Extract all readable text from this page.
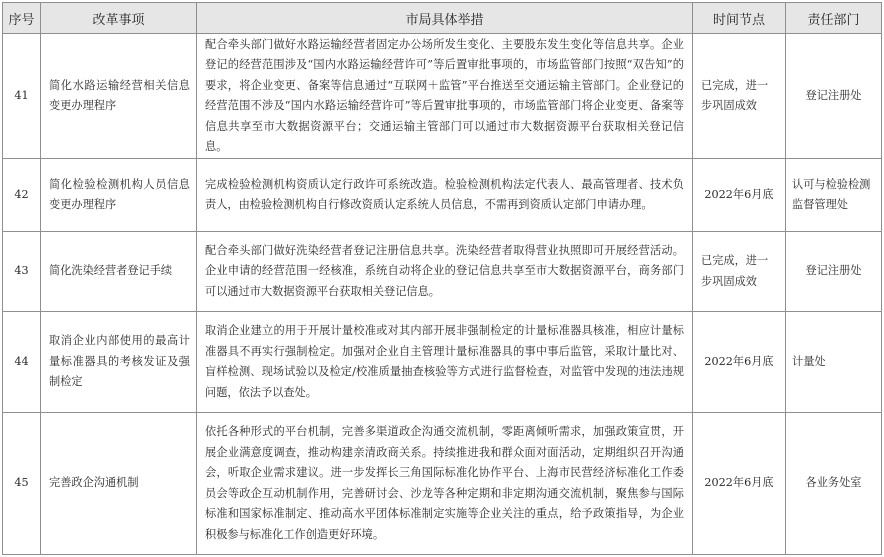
序号	改革事项	市局具体举措	时间节点	责任部门
41	简化水路运输经营相关信息变更办理程序	配合牵头部门做好水路运输经营者固定办公场所发生变化、主要股东发生变化等信息共享。企业登记的经营范围涉及“国内水路运输经营许可”等后置审批事项的，市场监管部门按照“双告知”的要求，将企业变更、备案等信息通过“互联网＋监管”平台推送至交通运输主管部门。企业登记的经营范围不涉及“国内水路运输经营许可”等后置审批事项的，市场监管部门将企业变更、备案等信息共享至市大数据资源平台；交通运输主管部门可以通过市大数据资源平台获取相关登记信息。	已完成，进一步巩固成效	登记注册处
42	简化检验检测机构人员信息变更办理程序	完成检验检测机构资质认定行政许可系统改造。检验检测机构法定代表人、最高管理者、技术负责人，由检验检测机构自行修改资质认定系统人员信息，不需再到资质认定部门申请办理。	2022年6月底	认可与检验检测监督管理处
43	简化洗染经营者登记手续	配合牵头部门做好洗染经营者登记注册信息共享。洗染经营者取得营业执照即可开展经营活动。企业申请的经营范围一经核准，系统自动将企业的登记信息共享至市大数据资源平台，商务部门可以通过市大数据资源平台获取相关登记信息。	已完成，进一步巩固成效	登记注册处
44	取消企业内部使用的最高计量标准器具的考核发证及强制检定	取消企业建立的用于开展计量校准或对其内部开展非强制检定的计量标准器具核准，相应计量标准器具不再实行强制检定。加强对企业自主管理计量标准器具的事中事后监管，采取计量比对、盲样检测、现场试验以及检定/校准质量抽查核验等方式进行监督检查，对监管中发现的违法违规问题，依法予以查处。	2022年6月底	计量处
45	完善政企沟通机制	依托各种形式的平台机制，完善多渠道政企沟通交流机制，零距离倾听需求，加强政策宣贯，开展企业满意度调查，推动构建亲清政商关系。持续推进我和群众面对面活动，定期组织召开沟通会，听取企业需求建议。进一步发挥长三角国际标准化协作平台、上海市民营经济标准化工作委员会等政企互动机制作用，完善研讨会、沙龙等各种定期和非定期沟通交流机制，聚焦参与国际标准和国家标准制定、推动高水平团体标准制定实施等企业关注的重点，给予政策指导，为企业积极参与标准化工作创造更好环境。	2022年6月底	各业务处室
